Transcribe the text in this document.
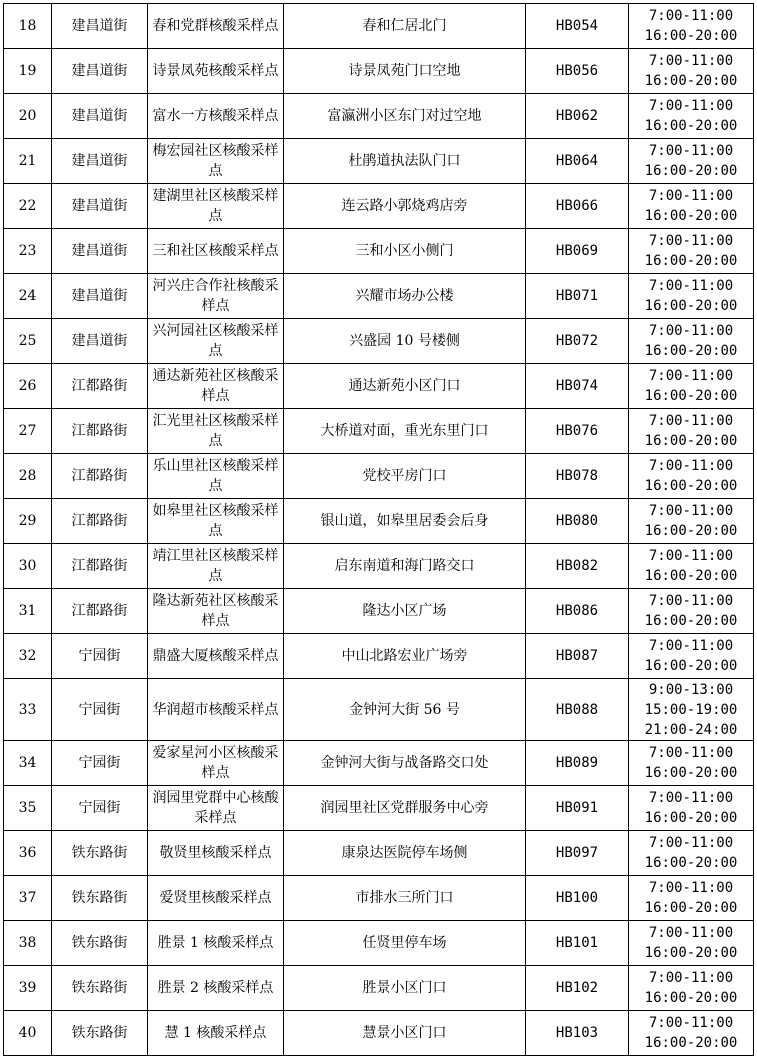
18	建昌道街	春和党群核酸采样点	春和仁居北门	HB054	7:00-11:00
16:00-20:00

19	建昌道街	诗景凤苑核酸采样点	诗景凤苑门口空地	HB056	7:00-11:00
16:00-20:00

20	建昌道街	富水一方核酸采样点	富瀛洲小区东门对过空地	HB062	7:00-11:00
16:00-20:00

21	建昌道街	梅宏园社区核酸采样点	杜鹃道执法队门口	HB064	7:00-11:00
16:00-20:00

22	建昌道街	建湖里社区核酸采样点	连云路小郭烧鸡店旁	HB066	7:00-11:00
16:00-20:00

23	建昌道街	三和社区核酸采样点	三和小区小侧门	HB069	7:00-11:00
16:00-20:00

24	建昌道街	河兴庄合作社核酸采样点	兴耀市场办公楼	HB071	7:00-11:00
16:00-20:00

25	建昌道街	兴河园社区核酸采样点	兴盛园 10 号楼侧	HB072	7:00-11:00
16:00-20:00

26	江都路街	通达新苑社区核酸采样点	通达新苑小区门口	HB074	7:00-11:00
16:00-20:00

27	江都路街	汇光里社区核酸采样点	大桥道对面，重光东里门口	HB076	7:00-11:00
16:00-20:00

28	江都路街	乐山里社区核酸采样点	党校平房门口	HB078	7:00-11:00
16:00-20:00

29	江都路街	如皋里社区核酸采样点	银山道，如皋里居委会后身	HB080	7:00-11:00
16:00-20:00

30	江都路街	靖江里社区核酸采样点	启东南道和海门路交口	HB082	7:00-11:00
16:00-20:00

31	江都路街	隆达新苑社区核酸采样点	隆达小区广场	HB086	7:00-11:00
16:00-20:00

32	宁园街	鼎盛大厦核酸采样点	中山北路宏业广场旁	HB087	7:00-11:00
16:00-20:00

33	宁园街	华润超市核酸采样点	金钟河大街 56 号	HB088	9:00-13:00
15:00-19:00
21:00-24:00

34	宁园街	爱家星河小区核酸采样点	金钟河大街与战备路交口处	HB089	7:00-11:00
16:00-20:00

35	宁园街	润园里党群中心核酸采样点	润园里社区党群服务中心旁	HB091	7:00-11:00
16:00-20:00

36	铁东路街	敬贤里核酸采样点	康泉达医院停车场侧	HB097	7:00-11:00
16:00-20:00

37	铁东路街	爱贤里核酸采样点	市排水三所门口	HB100	7:00-11:00
16:00-20:00

38	铁东路街	胜景 1 核酸采样点	任贤里停车场	HB101	7:00-11:00
16:00-20:00

39	铁东路街	胜景 2 核酸采样点	胜景小区门口	HB102	7:00-11:00
16:00-20:00

40	铁东路街	慧 1 核酸采样点	慧景小区门口	HB103	7:00-11:00
16:00-20:00
